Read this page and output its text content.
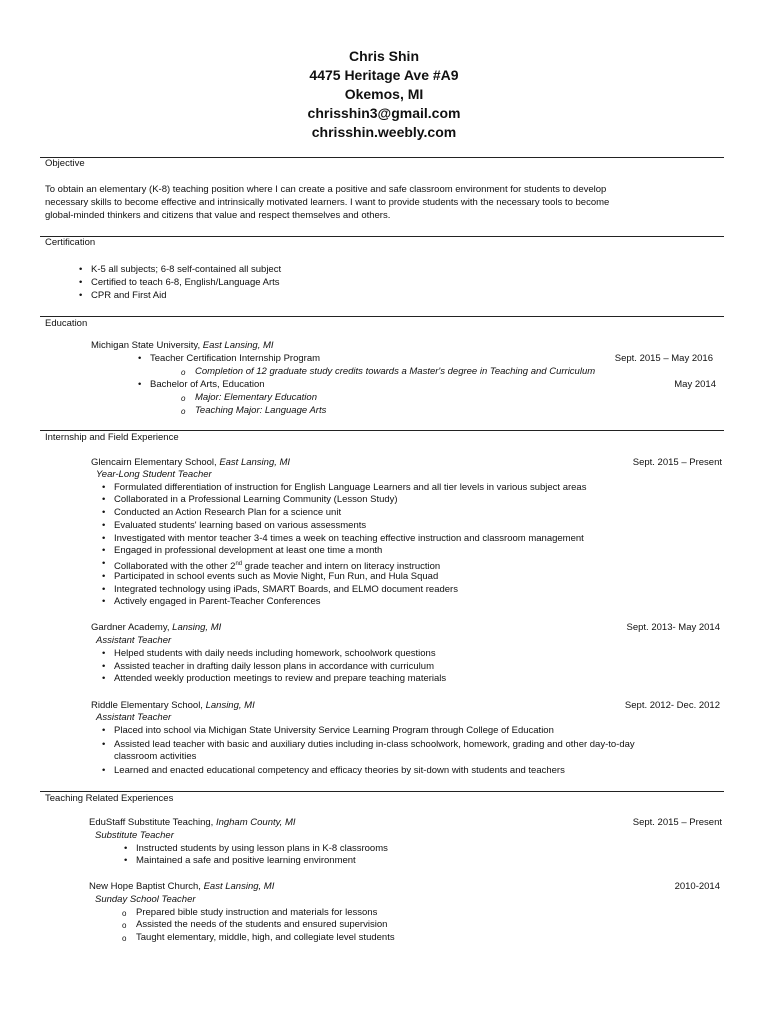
Chris Shin
4475 Heritage Ave #A9
Okemos, MI
chrisshin3@gmail.com
chrisshin.weebly.com
Objective
To obtain an elementary (K-8) teaching position where I can create a positive and safe classroom environment for students to develop
necessary skills to become effective and intrinsically motivated learners. I want to provide students with the necessary tools to become
global-minded thinkers and citizens that value and respect themselves and others.
Certification
• K-5 all subjects; 6-8 self-contained all subject
• Certified to teach 6-8, English/Language Arts
• CPR and First Aid
Education
Michigan State University, East Lansing, MI
• Teacher Certification Internship Program	Sept. 2015 – May 2016
o Completion of 12 graduate study credits towards a Master's degree in Teaching and Curriculum
• Bachelor of Arts, Education	May 2014
o Major: Elementary Education
o Teaching Major: Language Arts
Internship and Field Experience
Glencairn Elementary School, East Lansing, MI	Sept. 2015 – Present
Year-Long Student Teacher
• Formulated differentiation of instruction for English Language Learners and all tier levels in various subject areas
• Collaborated in a Professional Learning Community (Lesson Study)
• Conducted an Action Research Plan for a science unit
• Evaluated students' learning based on various assessments
• Investigated with mentor teacher 3-4 times a week on teaching effective instruction and classroom management
• Engaged in professional development at least one time a month
• Collaborated with the other 2nd grade teacher and intern on literacy instruction
• Participated in school events such as Movie Night, Fun Run, and Hula Squad
• Integrated technology using iPads, SMART Boards, and ELMO document readers
• Actively engaged in Parent-Teacher Conferences
Gardner Academy, Lansing, MI	Sept. 2013- May 2014
Assistant Teacher
• Helped students with daily needs including homework, schoolwork questions
• Assisted teacher in drafting daily lesson plans in accordance with curriculum
• Attended weekly production meetings to review and prepare teaching materials
Riddle Elementary School, Lansing, MI	Sept. 2012- Dec. 2012
Assistant Teacher
• Placed into school via Michigan State University Service Learning Program through College of Education
• Assisted lead teacher with basic and auxiliary duties including in-class schoolwork, homework, grading and other day-to-day
classroom activities
• Learned and enacted educational competency and efficacy theories by sit-down with students and teachers
Teaching Related Experiences
EduStaff Substitute Teaching, Ingham County, MI	Sept. 2015 – Present
Substitute Teacher
• Instructed students by using lesson plans in K-8 classrooms
• Maintained a safe and positive learning environment
New Hope Baptist Church, East Lansing, MI	2010-2014
Sunday School Teacher
o Prepared bible study instruction and materials for lessons
o Assisted the needs of the students and ensured supervision
o Taught elementary, middle, high, and collegiate level students
